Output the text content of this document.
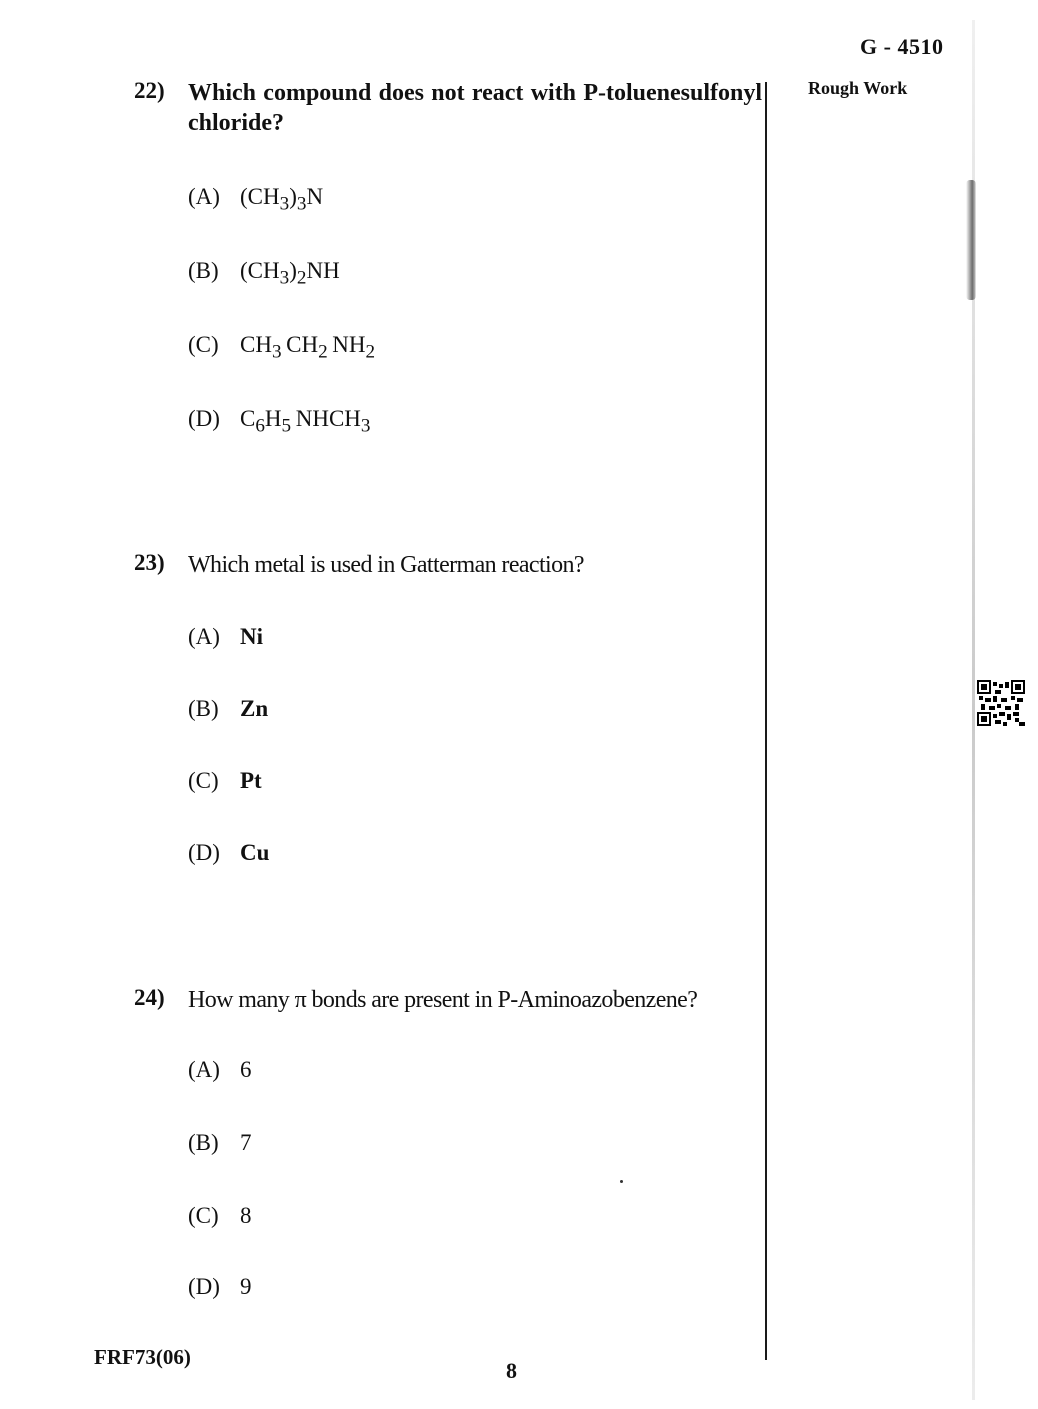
G - 4510
Rough Work
22) Which compound does not react with P-toluenesulfonyl chloride?
(A) $(CH_3)_3N$
(B) $(CH_3)_2NH$
(C) $CH_3$  $CH_2$  $NH_2$
(D) $C_6H_5$  $NHCH_3$
23) Which metal is used in Gatterman reaction?
(A) Ni
(B) Zn
(C) Pt
(D) Cu
24) How many π bonds are present in P-Aminoazobenzene?
(A) 6
(B) 7
(C) 8
(D) 9
FRF73(06)
8
